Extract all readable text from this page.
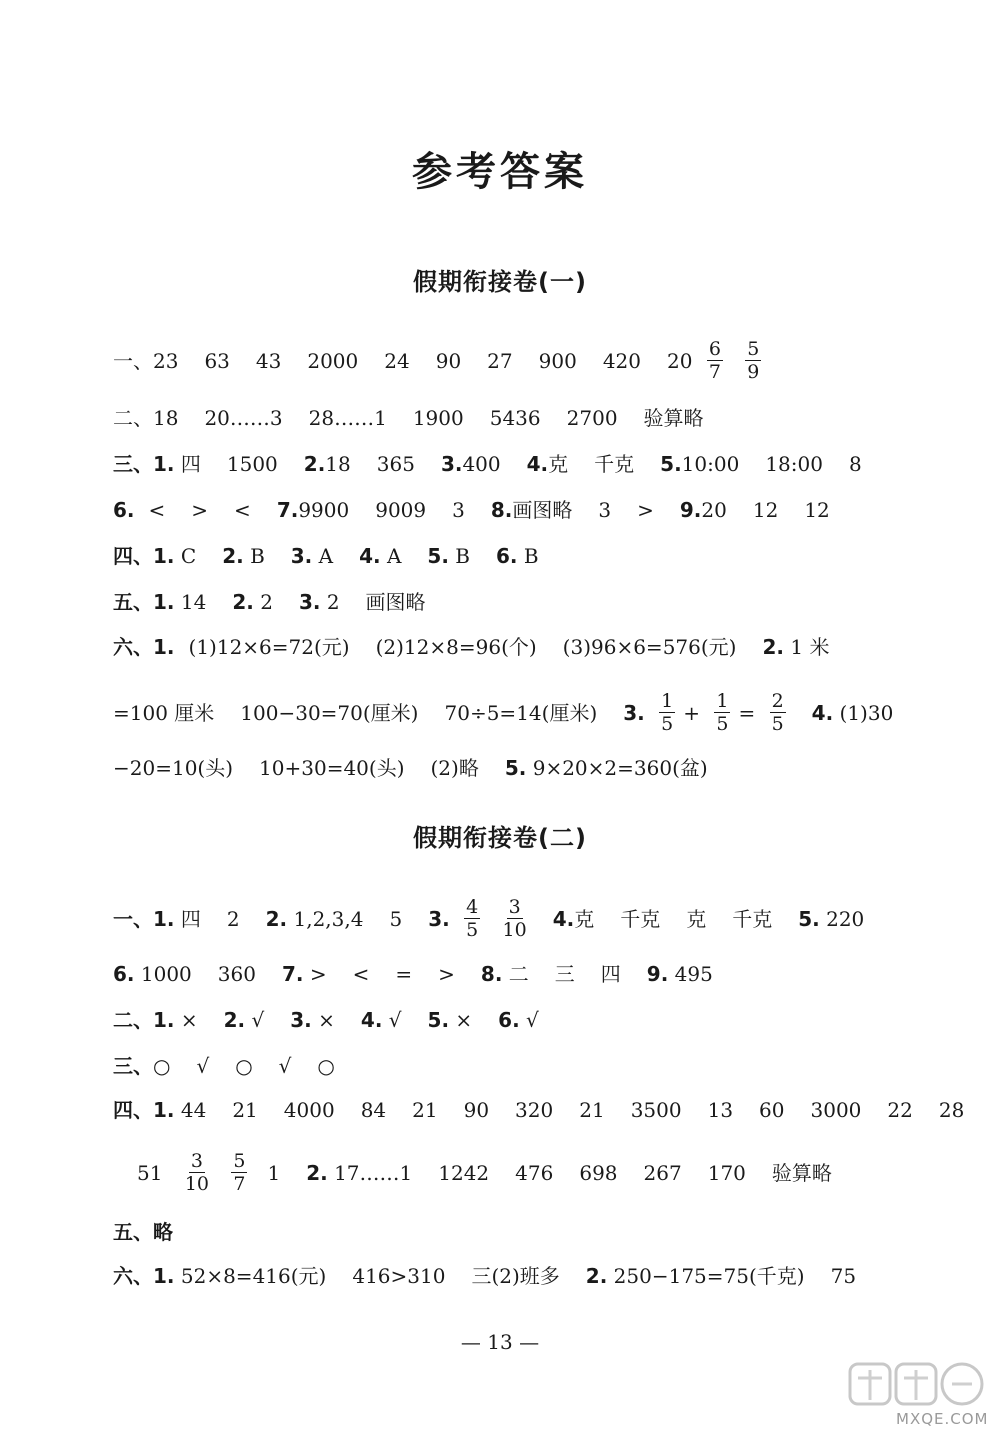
参考答案
假期衔接卷(一)
一、23 63 43 2000 24 90 27 900 420 $20 \frac{6}{7}$
$\frac{5}{9}$
二、18 20……3 28……1 1900 5436 2700 验算略
三、1. 四 1500 2.18 365 3.400 4.克 千克 5.10:00 18:00 8
6. < > < 7.9900 9009 3 8.画图略 3 > 9.20 12 12
四、1. C 2. B 3. A 4. A 5. B 6. B
五、1. 14 2. 2 3. 2 画图略
六、1. (1)12×6=72(元) (2)12×8=96(个) (3)96×6=576(元) 2. 1 米
=100 厘米 100−30=70(厘米) 70÷5=14(厘米) 3. $\frac{1}{5} + \frac{1}{5} = \frac{2}{5} 4$. (1)30
−20=10(头) 10+30=40(头) (2)略 5. 9×20×2=360(盆)
假期衔接卷(二)
一、1. 四 2 2. 1,2,3,4 5 3. $\frac{4}{5}$
$\frac{3}{10} 4$.克 千克 克 千克 5. 220
6. 1000 360 7. > < = > 8. 二 三 四 9. 495
二、1. × 2. √ 3. × 4. √ 5. × 6. √
三、○ √ ○ √ ○
四、1. 44 21 4000 84 21 90 320 21 3500 13 60 3000 22 28
$51 \frac{3}{10}$
$\frac{5}{7} 1$ 2. 17……1 1242 476 698 267 170 验算略
五、略
六、1. 52×8=416(元) 416>310 三(2)班多 2. 250−175=75(千克) 75
— 13 —
MXQE.COM
